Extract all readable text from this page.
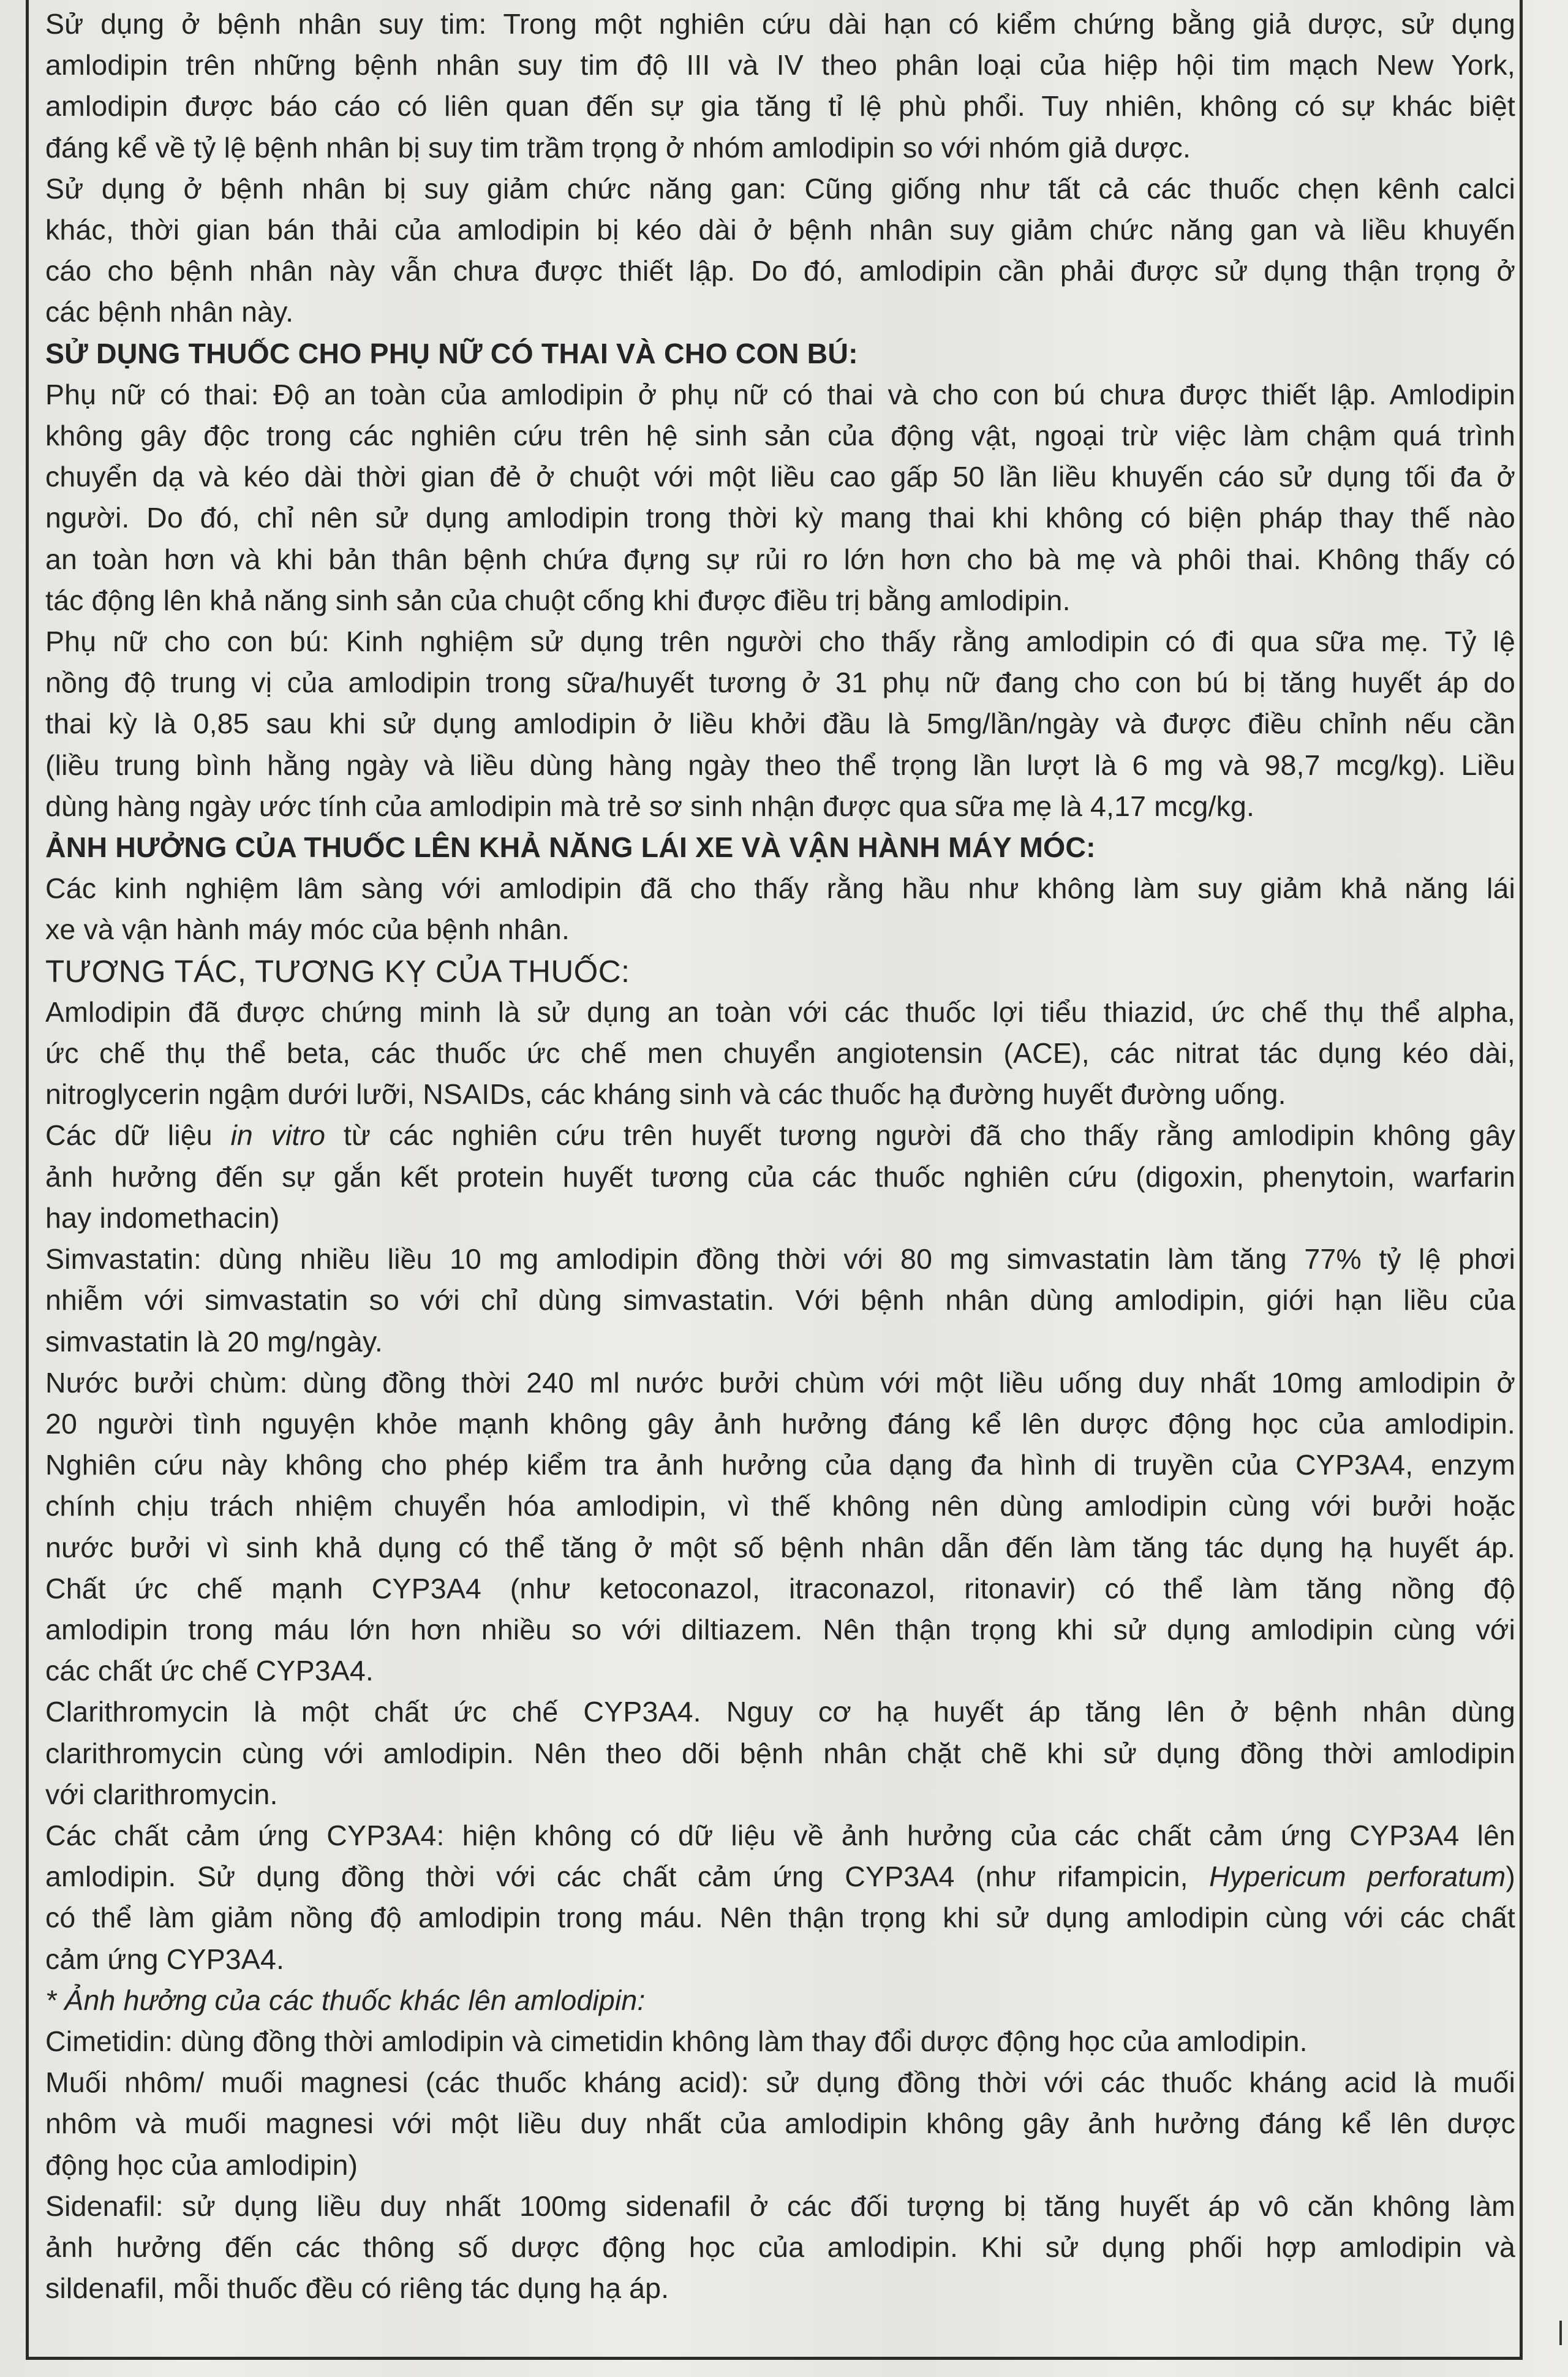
Sử dụng ở bệnh nhân suy tim: Trong một nghiên cứu dài hạn có kiểm chứng bằng giả dược, sử dụng
amlodipin trên những bệnh nhân suy tim độ III và IV theo phân loại của hiệp hội tim mạch New York,
amlodipin được báo cáo có liên quan đến sự gia tăng tỉ lệ phù phổi. Tuy nhiên, không có sự khác biệt
đáng kể về tỷ lệ bệnh nhân bị suy tim trầm trọng ở nhóm amlodipin so với nhóm giả dược.
Sử dụng ở bệnh nhân bị suy giảm chức năng gan: Cũng giống như tất cả các thuốc chẹn kênh calci
khác, thời gian bán thải của amlodipin bị kéo dài ở bệnh nhân suy giảm chức năng gan và liều khuyến
cáo cho bệnh nhân này vẫn chưa được thiết lập. Do đó, amlodipin cần phải được sử dụng thận trọng ở
các bệnh nhân này.
SỬ DỤNG THUỐC CHO PHỤ NỮ CÓ THAI VÀ CHO CON BÚ:
Phụ nữ có thai: Độ an toàn của amlodipin ở phụ nữ có thai và cho con bú chưa được thiết lập. Amlodipin
không gây độc trong các nghiên cứu trên hệ sinh sản của động vật, ngoại trừ việc làm chậm quá trình
chuyển dạ và kéo dài thời gian đẻ ở chuột với một liều cao gấp 50 lần liều khuyến cáo sử dụng tối đa ở
người. Do đó, chỉ nên sử dụng amlodipin trong thời kỳ mang thai khi không có biện pháp thay thế nào
an toàn hơn và khi bản thân bệnh chứa đựng sự rủi ro lớn hơn cho bà mẹ và phôi thai. Không thấy có
tác động lên khả năng sinh sản của chuột cống khi được điều trị bằng amlodipin.
Phụ nữ cho con bú: Kinh nghiệm sử dụng trên người cho thấy rằng amlodipin có đi qua sữa mẹ. Tỷ lệ
nồng độ trung vị của amlodipin trong sữa/huyết tương ở 31 phụ nữ đang cho con bú bị tăng huyết áp do
thai kỳ là 0,85 sau khi sử dụng amlodipin ở liều khởi đầu là 5mg/lần/ngày và được điều chỉnh nếu cần
(liều trung bình hằng ngày và liều dùng hàng ngày theo thể trọng lần lượt là 6 mg và 98,7 mcg/kg). Liều
dùng hàng ngày ước tính của amlodipin mà trẻ sơ sinh nhận được qua sữa mẹ là 4,17 mcg/kg.
ẢNH HƯỞNG CỦA THUỐC LÊN KHẢ NĂNG LÁI XE VÀ VẬN HÀNH MÁY MÓC:
Các kinh nghiệm lâm sàng với amlodipin đã cho thấy rằng hầu như không làm suy giảm khả năng lái
xe và vận hành máy móc của bệnh nhân.
TƯƠNG TÁC, TƯƠNG KỴ CỦA THUỐC:
Amlodipin đã được chứng minh là sử dụng an toàn với các thuốc lợi tiểu thiazid, ức chế thụ thể alpha,
ức chế thụ thể beta, các thuốc ức chế men chuyển angiotensin (ACE), các nitrat tác dụng kéo dài,
nitroglycerin ngậm dưới lưỡi, NSAIDs, các kháng sinh và các thuốc hạ đường huyết đường uống.
Các dữ liệu in vitro từ các nghiên cứu trên huyết tương người đã cho thấy rằng amlodipin không gây
ảnh hưởng đến sự gắn kết protein huyết tương của các thuốc nghiên cứu (digoxin, phenytoin, warfarin
hay indomethacin)
Simvastatin: dùng nhiều liều 10 mg amlodipin đồng thời với 80 mg simvastatin làm tăng 77% tỷ lệ phơi
nhiễm với simvastatin so với chỉ dùng simvastatin. Với bệnh nhân dùng amlodipin, giới hạn liều của
simvastatin là 20 mg/ngày.
Nước bưởi chùm: dùng đồng thời 240 ml nước bưởi chùm với một liều uống duy nhất 10mg amlodipin ở
20 người tình nguyện khỏe mạnh không gây ảnh hưởng đáng kể lên dược động học của amlodipin.
Nghiên cứu này không cho phép kiểm tra ảnh hưởng của dạng đa hình di truyền của CYP3A4, enzym
chính chịu trách nhiệm chuyển hóa amlodipin, vì thế không nên dùng amlodipin cùng với bưởi hoặc
nước bưởi vì sinh khả dụng có thể tăng ở một số bệnh nhân dẫn đến làm tăng tác dụng hạ huyết áp.
Chất ức chế mạnh CYP3A4 (như ketoconazol, itraconazol, ritonavir) có thể làm tăng nồng độ
amlodipin trong máu lớn hơn nhiều so với diltiazem. Nên thận trọng khi sử dụng amlodipin cùng với
các chất ức chế CYP3A4.
Clarithromycin là một chất ức chế CYP3A4. Nguy cơ hạ huyết áp tăng lên ở bệnh nhân dùng
clarithromycin cùng với amlodipin. Nên theo dõi bệnh nhân chặt chẽ khi sử dụng đồng thời amlodipin
với clarithromycin.
Các chất cảm ứng CYP3A4: hiện không có dữ liệu về ảnh hưởng của các chất cảm ứng CYP3A4 lên
amlodipin. Sử dụng đồng thời với các chất cảm ứng CYP3A4 (như rifampicin, Hypericum perforatum)
có thể làm giảm nồng độ amlodipin trong máu. Nên thận trọng khi sử dụng amlodipin cùng với các chất
cảm ứng CYP3A4.
* Ảnh hưởng của các thuốc khác lên amlodipin:
Cimetidin: dùng đồng thời amlodipin và cimetidin không làm thay đổi dược động học của amlodipin.
Muối nhôm/ muối magnesi (các thuốc kháng acid): sử dụng đồng thời với các thuốc kháng acid là muối
nhôm và muối magnesi với một liều duy nhất của amlodipin không gây ảnh hưởng đáng kể lên dược
động học của amlodipin)
Sidenafil: sử dụng liều duy nhất 100mg sidenafil ở các đối tượng bị tăng huyết áp vô căn không làm
ảnh hưởng đến các thông số dược động học của amlodipin. Khi sử dụng phối hợp amlodipin và
sildenafil, mỗi thuốc đều có riêng tác dụng hạ áp.
